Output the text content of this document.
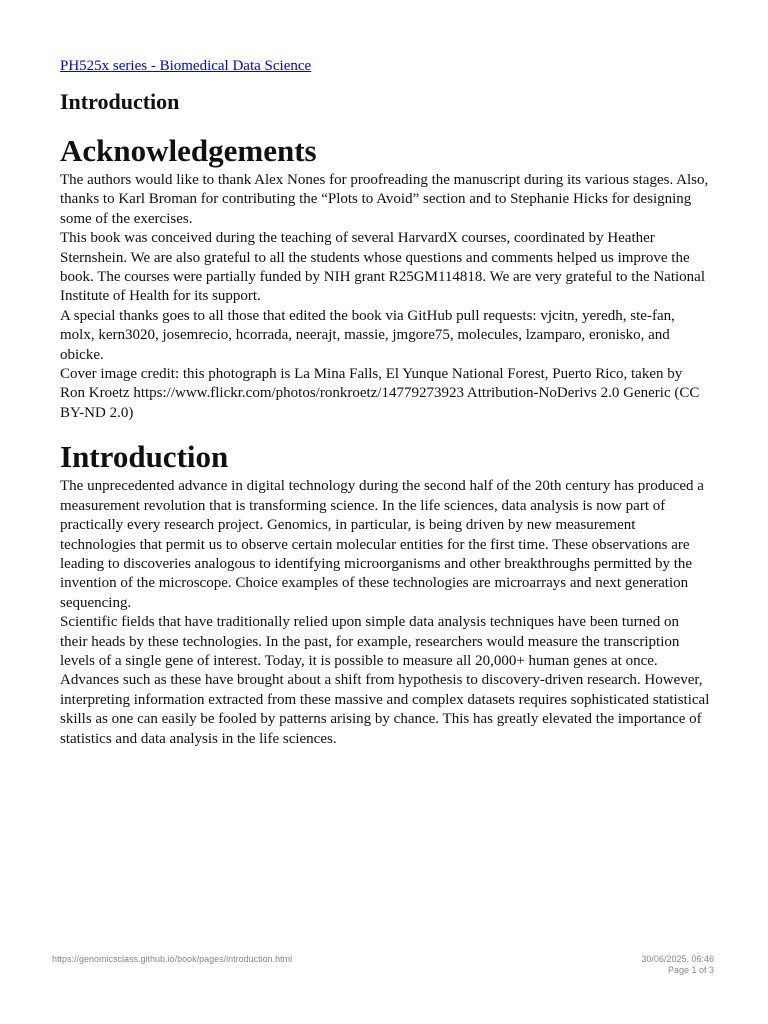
PH525x series - Biomedical Data Science
Introduction
Acknowledgements

The authors would like to thank Alex Nones for proofreading the manuscript during its various stages. Also, thanks to Karl Broman for contributing the “Plots to Avoid” section and to Stephanie Hicks for designing some of the exercises.

This book was conceived during the teaching of several HarvardX courses, coordinated by Heather Sternshein. We are also grateful to all the students whose questions and comments helped us improve the book. The courses were partially funded by NIH grant R25GM114818. We are very grateful to the National Institute of Health for its support.

A special thanks goes to all those that edited the book via GitHub pull requests: vjcitn, yeredh, ste-fan, molx, kern3020, josemrecio, hcorrada, neerajt, massie, jmgore75, molecules, lzamparo, eronisko, and obicke.

Cover image credit: this photograph is La Mina Falls, El Yunque National Forest, Puerto Rico, taken by Ron Kroetz https://www.flickr.com/photos/ronkroetz/14779273923 Attribution-NoDerivs 2.0 Generic (CC BY-ND 2.0)

Introduction

The unprecedented advance in digital technology during the second half of the 20th century has produced a measurement revolution that is transforming science. In the life sciences, data analysis is now part of practically every research project. Genomics, in particular, is being driven by new measurement technologies that permit us to observe certain molecular entities for the first time. These observations are leading to discoveries analogous to identifying microorganisms and other breakthroughs permitted by the invention of the microscope. Choice examples of these technologies are microarrays and next generation sequencing.

Scientific fields that have traditionally relied upon simple data analysis techniques have been turned on their heads by these technologies. In the past, for example, researchers would measure the transcription levels of a single gene of interest. Today, it is possible to measure all 20,000+ human genes at once. Advances such as these have brought about a shift from hypothesis to discovery-driven research. However, interpreting information extracted from these massive and complex datasets requires sophisticated statistical skills as one can easily be fooled by patterns arising by chance. This has greatly elevated the importance of statistics and data analysis in the life sciences.

https://genomicsclass.github.io/book/pages/introduction.html	30/06/2025, 06:46
Page 1 of 3
